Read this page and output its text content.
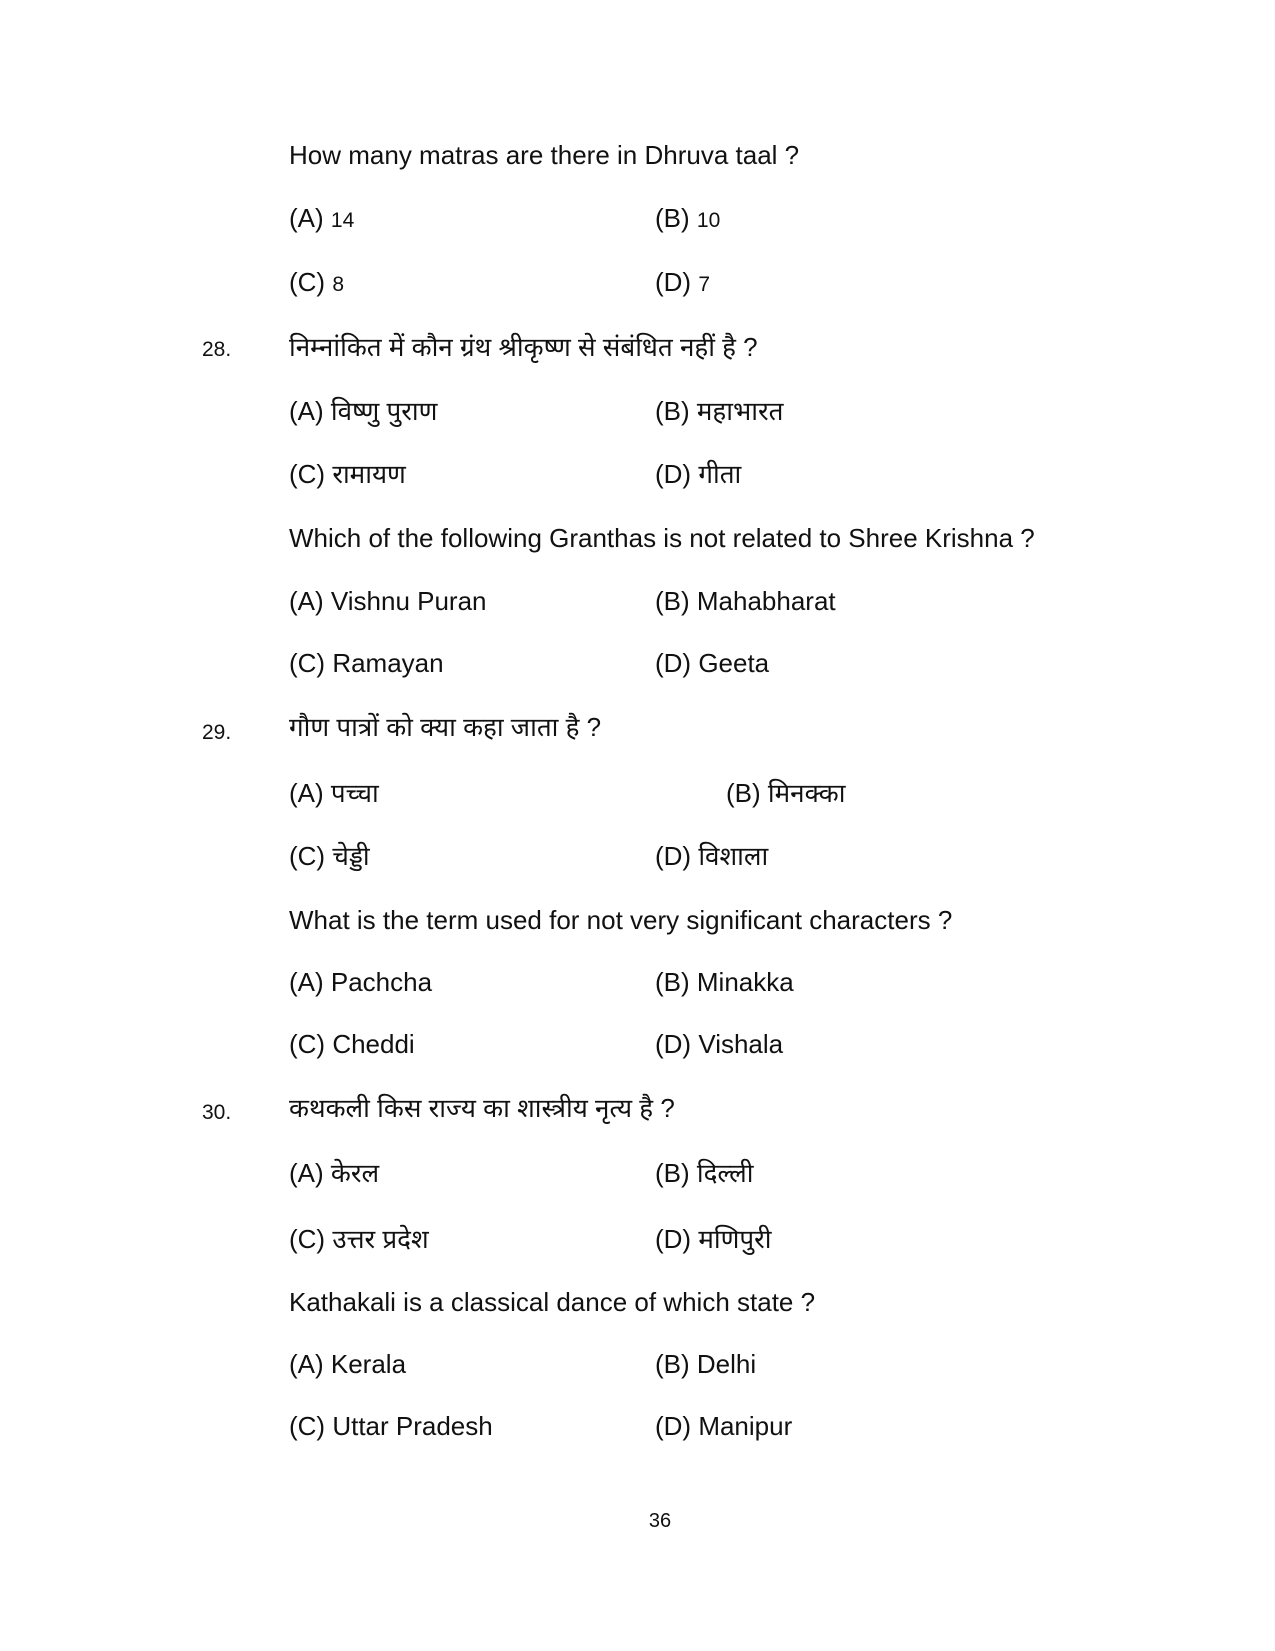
How many matras are there in Dhruva taal ?
(A) 14	(B) 10
(C) 8	(D) 7
28. निम्नांकित में कौन ग्रंथ श्रीकृष्ण से संबंधित नहीं है ?
(A) विष्णु पुराण	(B) महाभारत
(C) रामायण	(D) गीता
Which of the following Granthas is not related to Shree Krishna ?
(A) Vishnu Puran	(B) Mahabharat
(C) Ramayan	(D) Geeta
29. गौण पात्रों को क्या कहा जाता है ?
(A) पच्चा	(B) मिनक्का
(C) चेड्डी	(D) विशाला
What is the term used for not very significant characters ?
(A) Pachcha	(B) Minakka
(C) Cheddi	(D) Vishala
30. कथकली किस राज्य का शास्त्रीय नृत्य है ?
(A) केरल	(B) दिल्ली
(C) उत्तर प्रदेश	(D) मणिपुरी
Kathakali is a classical dance of which state ?
(A) Kerala	(B) Delhi
(C) Uttar Pradesh	(D) Manipur
36
